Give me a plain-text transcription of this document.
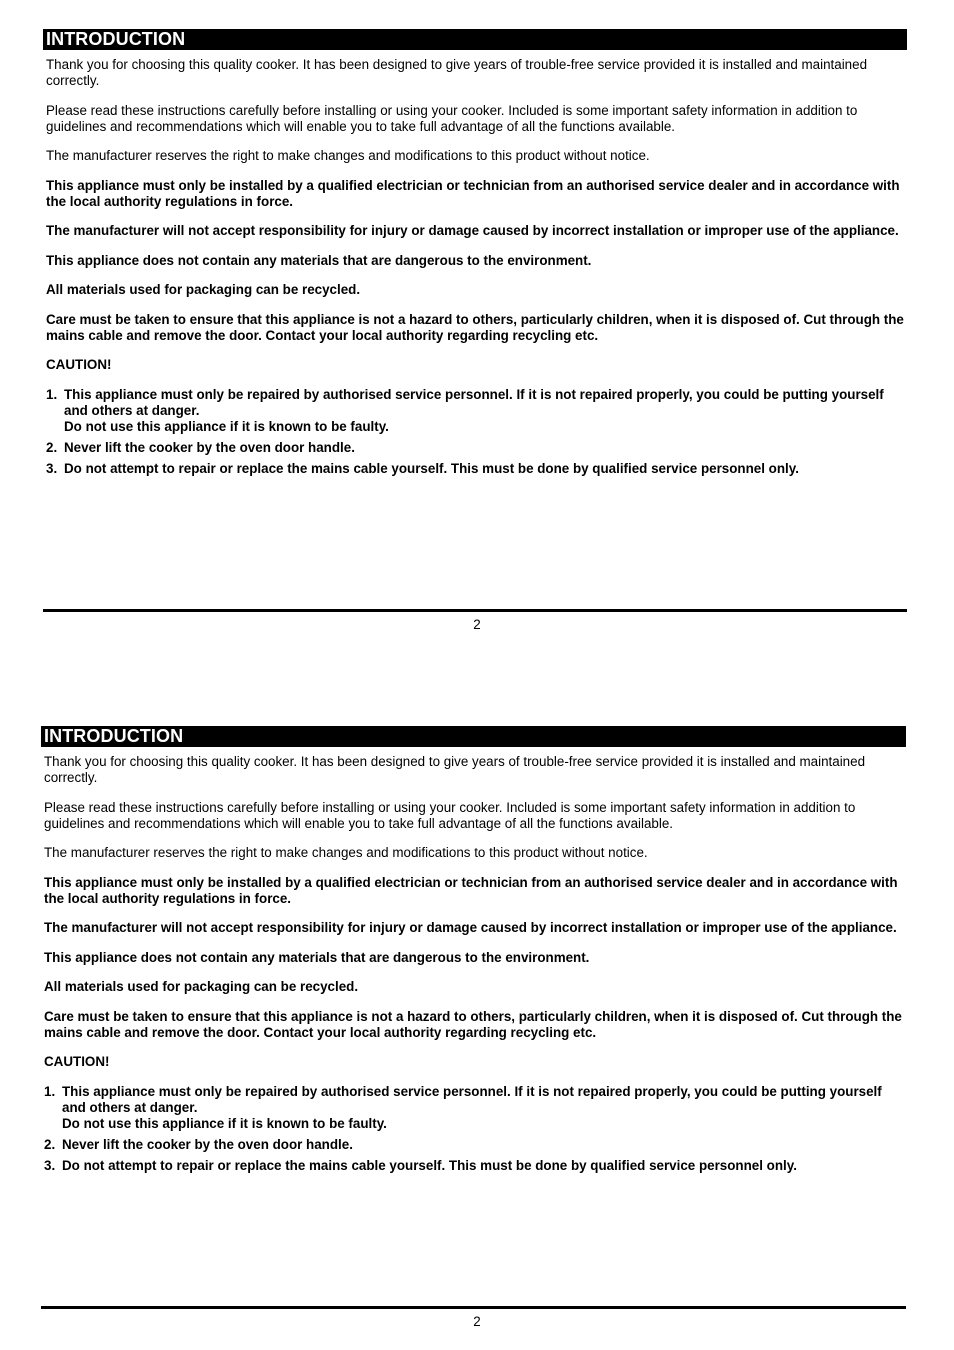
INTRODUCTION

Thank you for choosing this quality cooker. It has been designed to give years of trouble-free service provided it is installed and maintained correctly.

Please read these instructions carefully before installing or using your cooker. Included is some important safety information in addition to guidelines and recommendations which will enable you to take full advantage of all the functions available.

The manufacturer reserves the right to make changes and modifications to this product without notice.

This appliance must only be installed by a qualified electrician or technician from an authorised service dealer and in accordance with the local authority regulations in force.

The manufacturer will not accept responsibility for injury or damage caused by incorrect installation or improper use of the appliance.

This appliance does not contain any materials that are dangerous to the environment.

All materials used for packaging can be recycled.

Care must be taken to ensure that this appliance is not a hazard to others, particularly children, when it is disposed of. Cut through the mains cable and remove the door. Contact your local authority regarding recycling etc.

CAUTION!

1. This appliance must only be repaired by authorised service personnel. If it is not repaired properly, you could be putting yourself and others at danger.
Do not use this appliance if it is known to be faulty.
2. Never lift the cooker by the oven door handle.
3. Do not attempt to repair or replace the mains cable yourself. This must be done by qualified service personnel only.
2
INTRODUCTION

Thank you for choosing this quality cooker. It has been designed to give years of trouble-free service provided it is installed and maintained correctly.

Please read these instructions carefully before installing or using your cooker. Included is some important safety information in addition to guidelines and recommendations which will enable you to take full advantage of all the functions available.

The manufacturer reserves the right to make changes and modifications to this product without notice.

This appliance must only be installed by a qualified electrician or technician from an authorised service dealer and in accordance with the local authority regulations in force.

The manufacturer will not accept responsibility for injury or damage caused by incorrect installation or improper use of the appliance.

This appliance does not contain any materials that are dangerous to the environment.

All materials used for packaging can be recycled.

Care must be taken to ensure that this appliance is not a hazard to others, particularly children, when it is disposed of. Cut through the mains cable and remove the door. Contact your local authority regarding recycling etc.

CAUTION!

1. This appliance must only be repaired by authorised service personnel. If it is not repaired properly, you could be putting yourself and others at danger.
Do not use this appliance if it is known to be faulty.
2. Never lift the cooker by the oven door handle.
3. Do not attempt to repair or replace the mains cable yourself. This must be done by qualified service personnel only.
2
